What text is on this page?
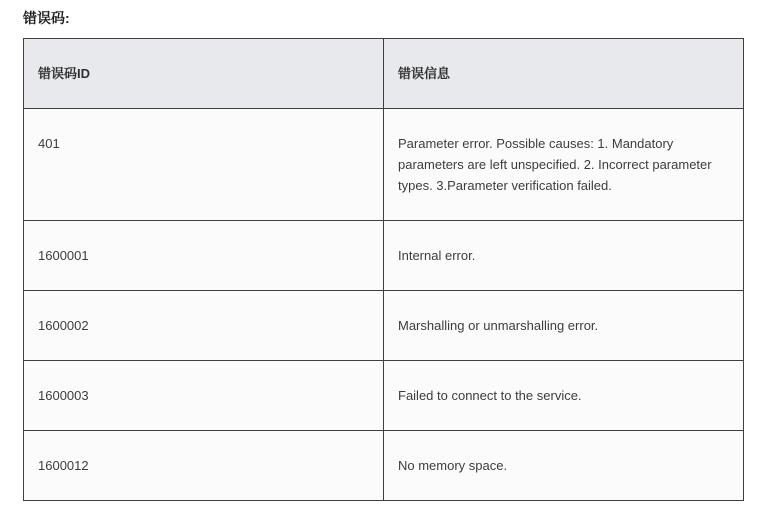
错误码:
错误码ID	错误信息
401	Parameter error. Possible causes: 1. Mandatory parameters are left unspecified. 2. Incorrect parameter types. 3.Parameter verification failed.
1600001	Internal error.
1600002	Marshalling or unmarshalling error.
1600003	Failed to connect to the service.
1600012	No memory space.
